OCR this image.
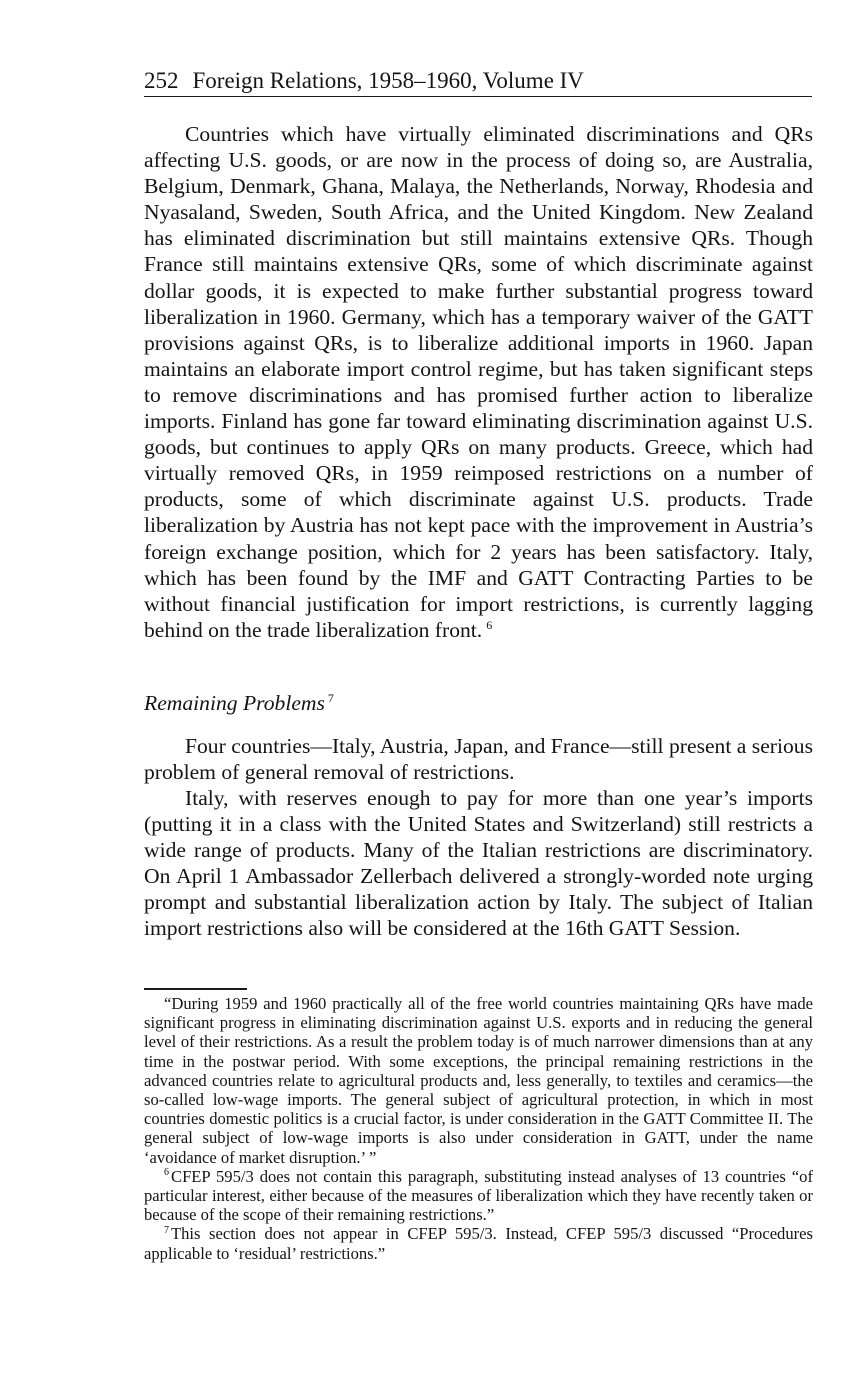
252 Foreign Relations, 1958–1960, Volume IV

Countries which have virtually eliminated discriminations and QRs affecting U.S. goods, or are now in the process of doing so, are Australia, Belgium, Denmark, Ghana, Malaya, the Netherlands, Norway, Rhodesia and Nyasaland, Sweden, South Africa, and the United Kingdom. New Zealand has eliminated discrimination but still maintains extensive QRs. Though France still maintains extensive QRs, some of which discriminate against dollar goods, it is expected to make further substantial progress toward liberalization in 1960. Germany, which has a temporary waiver of the GATT provisions against QRs, is to liberalize additional imports in 1960. Japan maintains an elaborate import control regime, but has taken significant steps to remove discriminations and has promised further action to liberalize imports. Finland has gone far toward eliminating discrimination against U.S. goods, but continues to apply QRs on many products. Greece, which had virtually removed QRs, in 1959 reimposed restrictions on a number of products, some of which discriminate against U.S. products. Trade liberalization by Austria has not kept pace with the improvement in Austria’s foreign exchange position, which for 2 years has been satisfactory. Italy, which has been found by the IMF and GATT Contracting Parties to be without financial justification for import restrictions, is currently lagging behind on the trade liberalization front. $^6$

Remaining Problems $^7$

Four countries—Italy, Austria, Japan, and France—still present a serious problem of general removal of restrictions.

Italy, with reserves enough to pay for more than one year’s imports (putting it in a class with the United States and Switzerland) still restricts a wide range of products. Many of the Italian restrictions are discriminatory. On April 1 Ambassador Zellerbach delivered a strongly-worded note urging prompt and substantial liberalization action by Italy. The subject of Italian import restrictions also will be considered at the 16th GATT Session.

“During 1959 and 1960 practically all of the free world countries maintaining QRs have made significant progress in eliminating discrimination against U.S. exports and in reducing the general level of their restrictions. As a result the problem today is of much narrower dimensions than at any time in the postwar period. With some exceptions, the principal remaining restrictions in the advanced countries relate to agricultural products and, less generally, to textiles and ceramics—the so-called low-wage imports. The general subject of agricultural protection, in which in most countries domestic politics is a crucial factor, is under consideration in the GATT Committee II. The general subject of low-wage imports is also under consideration in GATT, under the name ‘avoidance of market disruption.’ ”

$^6$ CFEP 595/3 does not contain this paragraph, substituting instead analyses of 13 countries “of particular interest, either because of the measures of liberalization which they have recently taken or because of the scope of their remaining restrictions.”

$^7$ This section does not appear in CFEP 595/3. Instead, CFEP 595/3 discussed “Procedures applicable to ‘residual’ restrictions.”
